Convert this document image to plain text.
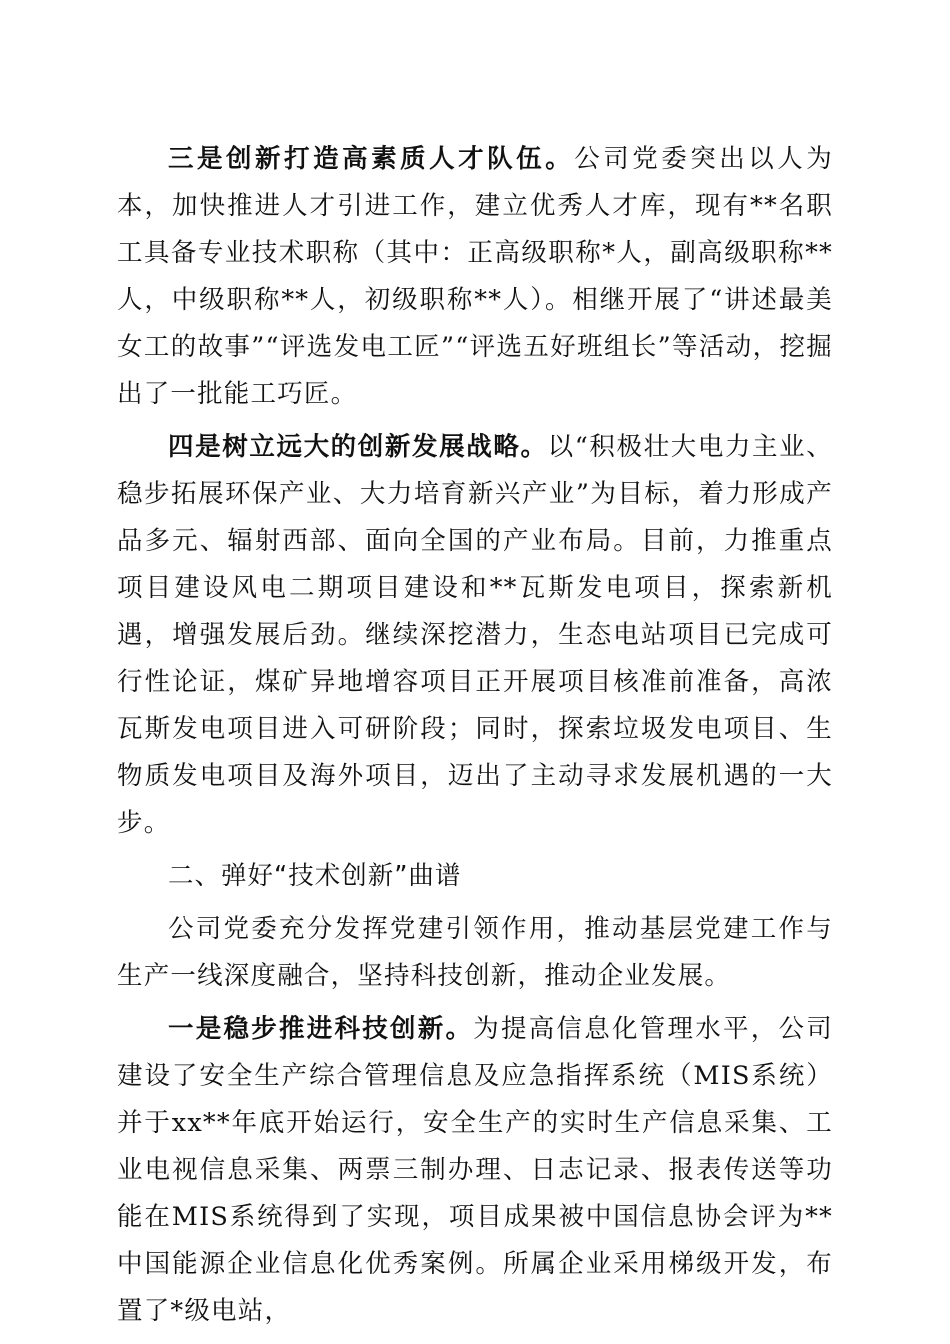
三是创新打造高素质人才队伍。公司党委突出以人为本，加快推进人才引进工作，建立优秀人才库，现有**名职工具备专业技术职称（其中：正高级职称*人，副高级职称**人，中级职称**人，初级职称**人）。相继开展了“讲述最美女工的故事”“评选发电工匠”“评选五好班组长”等活动，挖掘出了一批能工巧匠。

四是树立远大的创新发展战略。以“积极壮大电力主业、稳步拓展环保产业、大力培育新兴产业”为目标，着力形成产品多元、辐射西部、面向全国的产业布局。目前，力推重点项目建设风电二期项目建设和**瓦斯发电项目，探索新机遇，增强发展后劲。继续深挖潜力，生态电站项目已完成可行性论证，煤矿异地增容项目正开展项目核准前准备，高浓瓦斯发电项目进入可研阶段；同时，探索垃圾发电项目、生物质发电项目及海外项目，迈出了主动寻求发展机遇的一大步。

二、弹好“技术创新”曲谱

公司党委充分发挥党建引领作用，推动基层党建工作与生产一线深度融合，坚持科技创新，推动企业发展。

一是稳步推进科技创新。为提高信息化管理水平，公司建设了安全生产综合管理信息及应急指挥系统（MIS系统）并于xx**年底开始运行，安全生产的实时生产信息采集、工业电视信息采集、两票三制办理、日志记录、报表传送等功能在MIS系统得到了实现，项目成果被中国信息协会评为**中国能源企业信息化优秀案例。所属企业采用梯级开发，布置了*级电站，
